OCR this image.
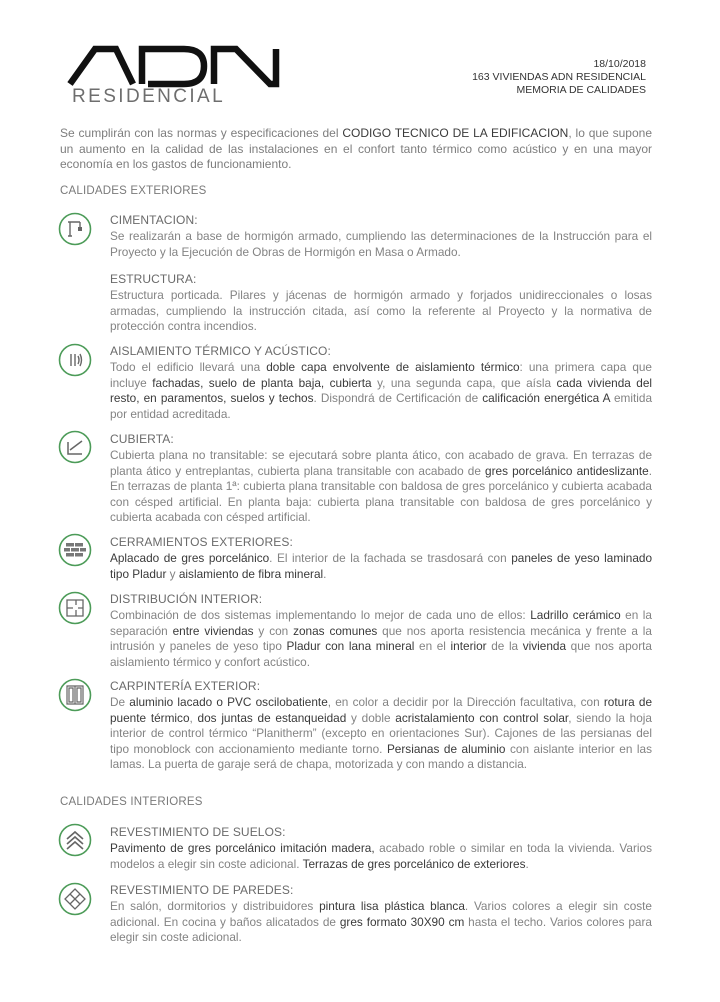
RESIDENCIAL
18/10/2018
163 VIVIENDAS ADN RESIDENCIAL
MEMORIA DE CALIDADES
Se cumplirán con las normas y especificaciones del CODIGO TECNICO DE LA EDIFICACION, lo que supone un aumento en la calidad de las instalaciones en el confort tanto térmico como acústico y en una mayor economía en los gastos de funcionamiento.
CALIDADES EXTERIORES
CIMENTACION:
Se realizarán a base de hormigón armado, cumpliendo las determinaciones de la Instrucción para el Proyecto y la Ejecución de Obras de Hormigón en Masa o Armado.
ESTRUCTURA:
Estructura porticada. Pilares y jácenas de hormigón armado y forjados unidireccionales o losas armadas, cumpliendo la instrucción citada, así como la referente al Proyecto y la normativa de protección contra incendios.
AISLAMIENTO TÉRMICO Y ACÚSTICO:
Todo el edificio llevará una doble capa envolvente de aislamiento térmico: una primera capa que incluye fachadas, suelo de planta baja, cubierta y, una segunda capa, que aísla cada vivienda del resto, en paramentos, suelos y techos. Dispondrá de Certificación de calificación energética A emitida por entidad acreditada.
CUBIERTA:
Cubierta plana no transitable: se ejecutará sobre planta ático, con acabado de grava. En terrazas de planta ático y entreplantas, cubierta plana transitable con acabado de gres porcelánico antideslizante. En terrazas de planta 1ª: cubierta plana transitable con baldosa de gres porcelánico y cubierta acabada con césped artificial. En planta baja: cubierta plana transitable con baldosa de gres porcelánico y cubierta acabada con césped artificial.
CERRAMIENTOS EXTERIORES:
Aplacado de gres porcelánico. El interior de la fachada se trasdosará con paneles de yeso laminado tipo Pladur y aislamiento de fibra mineral.
DISTRIBUCIÓN INTERIOR:
Combinación de dos sistemas implementando lo mejor de cada uno de ellos: Ladrillo cerámico en la separación entre viviendas y con zonas comunes que nos aporta resistencia mecánica y frente a la intrusión y paneles de yeso tipo Pladur con lana mineral en el interior de la vivienda que nos aporta aislamiento térmico y confort acústico.
CARPINTERÍA EXTERIOR:
De aluminio lacado o PVC oscilobatiente, en color a decidir por la Dirección facultativa, con rotura de puente térmico, dos juntas de estanqueidad y doble acristalamiento con control solar, siendo la hoja interior de control térmico “Planitherm” (excepto en orientaciones Sur). Cajones de las persianas del tipo monoblock con accionamiento mediante torno. Persianas de aluminio con aislante interior en las lamas. La puerta de garaje será de chapa, motorizada y con mando a distancia.
CALIDADES INTERIORES
REVESTIMIENTO DE SUELOS:
Pavimento de gres porcelánico imitación madera, acabado roble o similar en toda la vivienda. Varios modelos a elegir sin coste adicional. Terrazas de gres porcelánico de exteriores.
REVESTIMIENTO DE PAREDES:
En salón, dormitorios y distribuidores pintura lisa plástica blanca. Varios colores a elegir sin coste adicional. En cocina y baños alicatados de gres formato 30X90 cm hasta el techo. Varios colores para elegir sin coste adicional.
